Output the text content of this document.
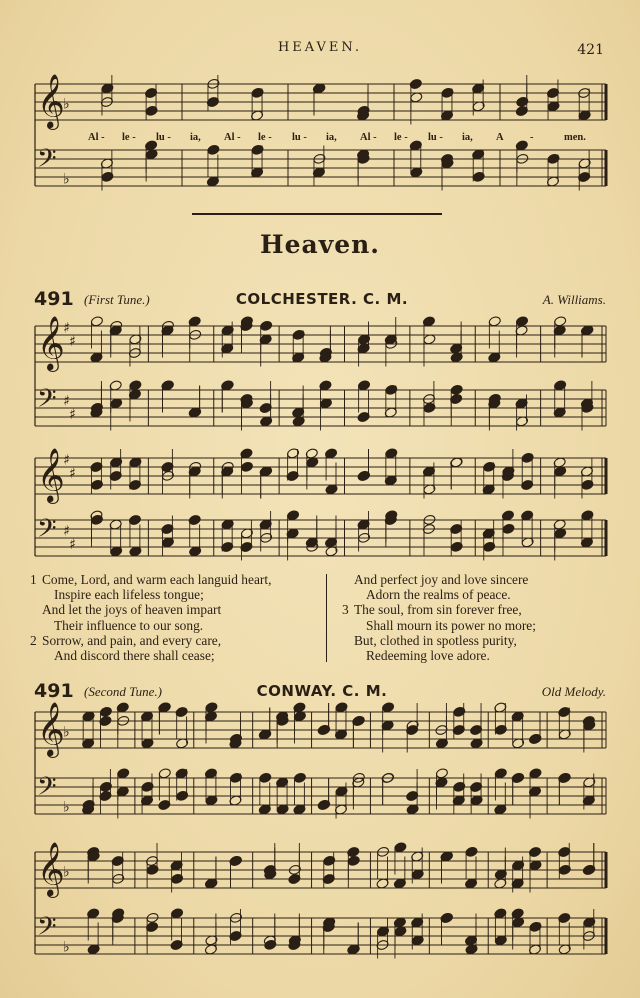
HEAVEN.	421
𝄞
𝄢
♭
♭
Al - le - lu - ia, Al - le - lu - ia, Al - le - lu - ia, A	-	men.
Heaven.
491 (First Tune.)	COLCHESTER. C. M.	A. Williams.
𝄞
𝄢
♯
♯
♯
♯
𝄞
𝄢
♯
♯
♯
♯
𝄞
𝄢
♭
♭
𝄞
𝄢
♭
♭
1 Come, Lord, and warm each languid heart,
Inspire each lifeless tongue;
And let the joys of heaven impart
Their influence to our song.
2 Sorrow, and pain, and every care,
And discord there shall cease;
And perfect joy and love sincere
Adorn the realms of peace.
3 The soul, from sin forever free,
Shall mourn its power no more;
But, clothed in spotless purity,
Redeeming love adore.
491 (Second Tune.)	CONWAY. C. M.	Old Melody.
